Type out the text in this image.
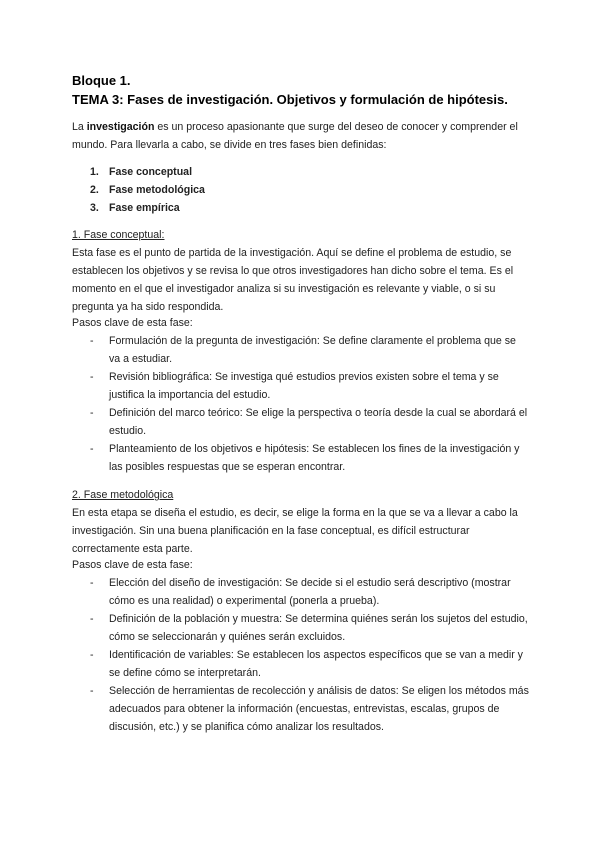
Bloque 1.
TEMA 3: Fases de investigación. Objetivos y formulación de hipótesis.
La investigación es un proceso apasionante que surge del deseo de conocer y comprender el mundo. Para llevarla a cabo, se divide en tres fases bien definidas:
1. Fase conceptual
2. Fase metodológica
3. Fase empírica
1. Fase conceptual:
Esta fase es el punto de partida de la investigación. Aquí se define el problema de estudio, se establecen los objetivos y se revisa lo que otros investigadores han dicho sobre el tema. Es el momento en el que el investigador analiza si su investigación es relevante y viable, o si su pregunta ya ha sido respondida.
Pasos clave de esta fase:
-	Formulación de la pregunta de investigación: Se define claramente el problema que se va a estudiar.
-	Revisión bibliográfica: Se investiga qué estudios previos existen sobre el tema y se justifica la importancia del estudio.
-	Definición del marco teórico: Se elige la perspectiva o teoría desde la cual se abordará el estudio.
-	Planteamiento de los objetivos e hipótesis: Se establecen los fines de la investigación y las posibles respuestas que se esperan encontrar.
2. Fase metodológica
En esta etapa se diseña el estudio, es decir, se elige la forma en la que se va a llevar a cabo la investigación. Sin una buena planificación en la fase conceptual, es difícil estructurar correctamente esta parte.
Pasos clave de esta fase:
-	Elección del diseño de investigación: Se decide si el estudio será descriptivo (mostrar cómo es una realidad) o experimental (ponerla a prueba).
-	Definición de la población y muestra: Se determina quiénes serán los sujetos del estudio, cómo se seleccionarán y quiénes serán excluidos.
-	Identificación de variables: Se establecen los aspectos específicos que se van a medir y se define cómo se interpretarán.
-	Selección de herramientas de recolección y análisis de datos: Se eligen los métodos más adecuados para obtener la información (encuestas, entrevistas, escalas, grupos de discusión, etc.) y se planifica cómo analizar los resultados.
